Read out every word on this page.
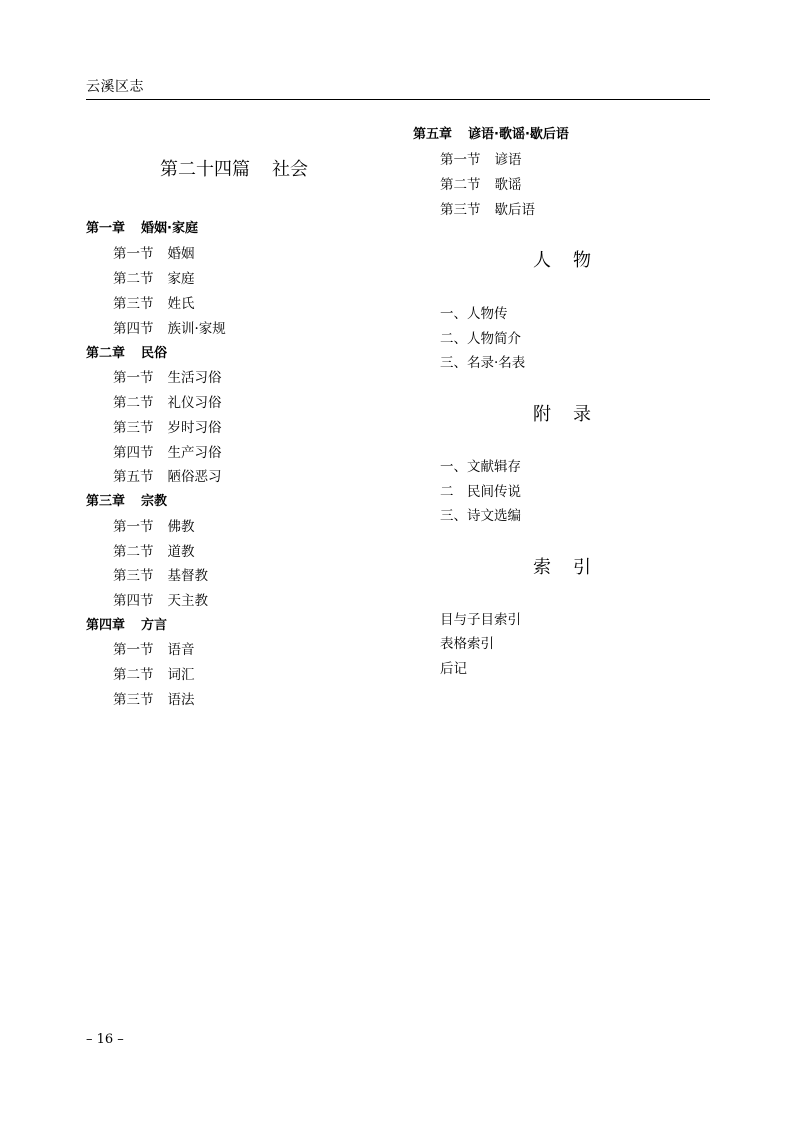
云溪区志
第二十四篇 社会
第一章 婚姻·家庭
第一节 婚姻
第二节 家庭
第三节 姓氏
第四节 族训·家规
第二章 民俗
第一节 生活习俗
第二节 礼仪习俗
第三节 岁时习俗
第四节 生产习俗
第五节 陋俗恶习
第三章 宗教
第一节 佛教
第二节 道教
第三节 基督教
第四节 天主教
第四章 方言
第一节 语音
第二节 词汇
第三节 语法
第五章 谚语·歌谣·歇后语
第一节 谚语
第二节 歌谣
第三节 歇后语
人 物
一、人物传
二、人物简介
三、名录·名表
附 录
一、文献辑存
二　民间传说
三、诗文选编
索 引
目与子目索引
表格索引
后记
– 16 –
